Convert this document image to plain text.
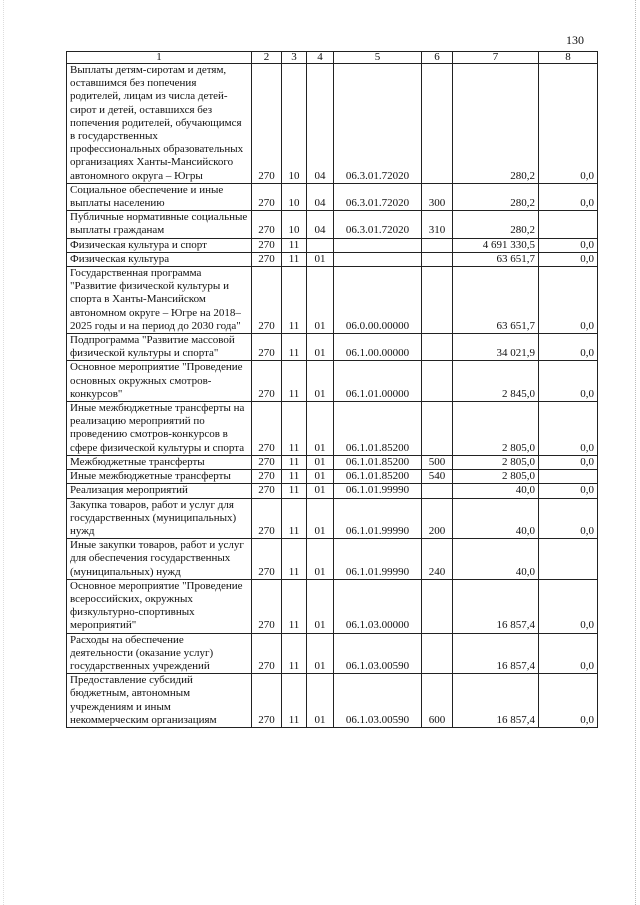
130
1	2	3	4	5	6	7	8
Выплаты детям-сиротам и детям, оставшимся без попечения родителей, лицам из числа детей-сирот и детей, оставшихся без попечения родителей, обучающимся в государственных профессиональных образовательных организациях Ханты-Мансийского автономного округа – Югры	270	10	04	06.3.01.72020		280,2	0,0
Социальное обеспечение и иные выплаты населению	270	10	04	06.3.01.72020	300	280,2	0,0
Публичные нормативные социальные выплаты гражданам	270	10	04	06.3.01.72020	310	280,2	
Физическая культура и спорт	270	11				4 691 330,5	0,0
Физическая культура	270	11	01			63 651,7	0,0
Государственная программа "Развитие физической культуры и спорта в Ханты-Мансийском автономном округе – Югре на 2018–2025 годы и на период до 2030 года"	270	11	01	06.0.00.00000		63 651,7	0,0
Подпрограмма "Развитие массовой физической культуры и спорта"	270	11	01	06.1.00.00000		34 021,9	0,0
Основное мероприятие "Проведение основных окружных смотров-конкурсов"	270	11	01	06.1.01.00000		2 845,0	0,0
Иные межбюджетные трансферты на реализацию мероприятий по проведению смотров-конкурсов в сфере физической культуры и спорта	270	11	01	06.1.01.85200		2 805,0	0,0
Межбюджетные трансферты	270	11	01	06.1.01.85200	500	2 805,0	0,0
Иные межбюджетные трансферты	270	11	01	06.1.01.85200	540	2 805,0	
Реализация мероприятий	270	11	01	06.1.01.99990		40,0	0,0
Закупка товаров, работ и услуг для государственных (муниципальных) нужд	270	11	01	06.1.01.99990	200	40,0	0,0
Иные закупки товаров, работ и услуг для обеспечения государственных (муниципальных) нужд	270	11	01	06.1.01.99990	240	40,0	
Основное мероприятие "Проведение всероссийских, окружных физкультурно-спортивных мероприятий"	270	11	01	06.1.03.00000		16 857,4	0,0
Расходы на обеспечение деятельности (оказание услуг) государственных учреждений	270	11	01	06.1.03.00590		16 857,4	0,0
Предоставление субсидий бюджетным, автономным учреждениям и иным некоммерческим организациям	270	11	01	06.1.03.00590	600	16 857,4	0,0
